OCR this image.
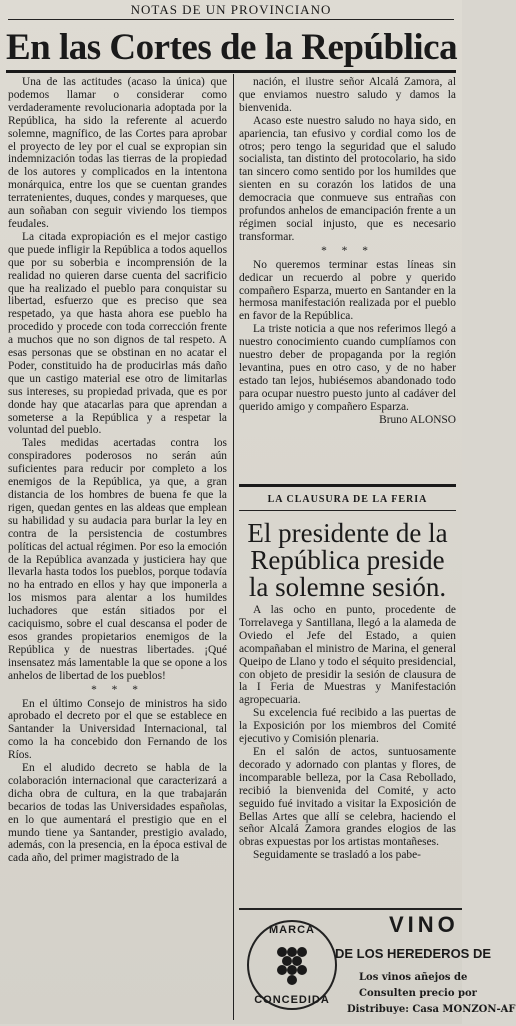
NOTAS DE UN PROVINCIANO
En las Cortes de la República

Una de las actitudes (acaso la única) que podemos llamar o considerar como verdaderamente revolucionaria adoptada por la República, ha sido la referente al acuerdo solemne, magnífico, de las Cortes para aprobar el proyecto de ley por el cual se expropian sin indemnización todas las tierras de la propiedad de los autores y complicados en la intentona monárquica, entre los que se cuentan grandes terratenientes, duques, condes y marqueses, que aun soñaban con seguir viviendo los tiempos feudales.

La citada expropiación es el mejor castigo que puede infligir la República a todos aquellos que por su soberbia e incomprensión de la realidad no quieren darse cuenta del sacrificio que ha realizado el pueblo para conquistar su libertad, esfuerzo que es preciso que sea respetado, ya que hasta ahora ese pueblo ha procedido y procede con toda corrección frente a muchos que no son dignos de tal respeto. A esas personas que se obstinan en no acatar el Poder, constituido ha de producirlas más daño que un castigo material ese otro de limitarlas sus intereses, su propiedad privada, que es por donde hay que atacarlas para que aprendan a someterse a la República y a respetar la voluntad del pueblo.

Tales medidas acertadas contra los conspiradores poderosos no serán aún suficientes para reducir por completo a los enemigos de la República, ya que, a gran distancia de los hombres de buena fe que la rigen, quedan gentes en las aldeas que emplean su habilidad y su audacia para burlar la ley en contra de la persistencia de costumbres políticas del actual régimen. Por eso la emoción de la República avanzada y justiciera hay que llevarla hasta todos los pueblos, porque todavía no ha entrado en ellos y hay que imponerla a los mismos para alentar a los humildes luchadores que están sitiados por el caciquismo, sobre el cual descansa el poder de esos grandes propietarios enemigos de la República y de nuestras libertades. ¡Qué insensatez más lamentable la que se opone a los anhelos de libertad de los pueblos!

* * *

En el último Consejo de ministros ha sido aprobado el decreto por el que se establece en Santander la Universidad Internacional, tal como la ha concebido don Fernando de los Ríos.

En el aludido decreto se habla de la colaboración internacional que caracterizará a dicha obra de cultura, en la que trabajarán becarios de todas las Universidades españolas, en lo que aumentará el prestigio que en el mundo tiene ya Santander, prestigio avalado, además, con la presencia, en la época estival de cada año, del primer magistrado de la

nación, el ilustre señor Alcalá Zamora, al que enviamos nuestro saludo y damos la bienvenida.

Acaso este nuestro saludo no haya sido, en apariencia, tan efusivo y cordial como los de otros; pero tengo la seguridad que el saludo socialista, tan distinto del protocolario, ha sido tan sincero como sentido por los humildes que sienten en su corazón los latidos de una democracia que conmueve sus entrañas con profundos anhelos de emancipación frente a un régimen social injusto, que es necesario transformar.

* * *

No queremos terminar estas líneas sin dedicar un recuerdo al pobre y querido compañero Esparza, muerto en Santander en la hermosa manifestación realizada por el pueblo en favor de la República.

La triste noticia a que nos referimos llegó a nuestro conocimiento cuando cumplíamos con nuestro deber de propaganda por la región levantina, pues en otro caso, y de no haber estado tan lejos, hubiésemos abandonado todo para ocupar nuestro puesto junto al cadáver del querido amigo y compañero Esparza.

Bruno ALONSO

LA CLAUSURA DE LA FERIA
El presidente de la
República preside
la solemne sesión.

A las ocho en punto, procedente de Torrelavega y Santillana, llegó a la alameda de Oviedo el Jefe del Estado, a quien acompañaban el ministro de Marina, el general Queipo de Llano y todo el séquito presidencial, con objeto de presidir la sesión de clausura de la I Feria de Muestras y Manifestación agropecuaria.

Su excelencia fué recibido a las puertas de la Exposición por los miembros del Comité ejecutivo y Comisión plenaria.

En el salón de actos, suntuosamente decorado y adornado con plantas y flores, de incomparable belleza, por la Casa Rebollado, recibió la bienvenida del Comité, y acto seguido fué invitado a visitar la Exposición de Bellas Artes que allí se celebra, haciendo el señor Alcalá Zamora grandes elogios de las obras expuestas por los artistas montañeses.

Seguidamente se trasladó a los pabe-

MARCA
CONCEDIDA
VINO
DE LOS HEREDEROS DE
Los vinos añejos de
Consulten precio por
Distribuye: Casa MONZON-AF
